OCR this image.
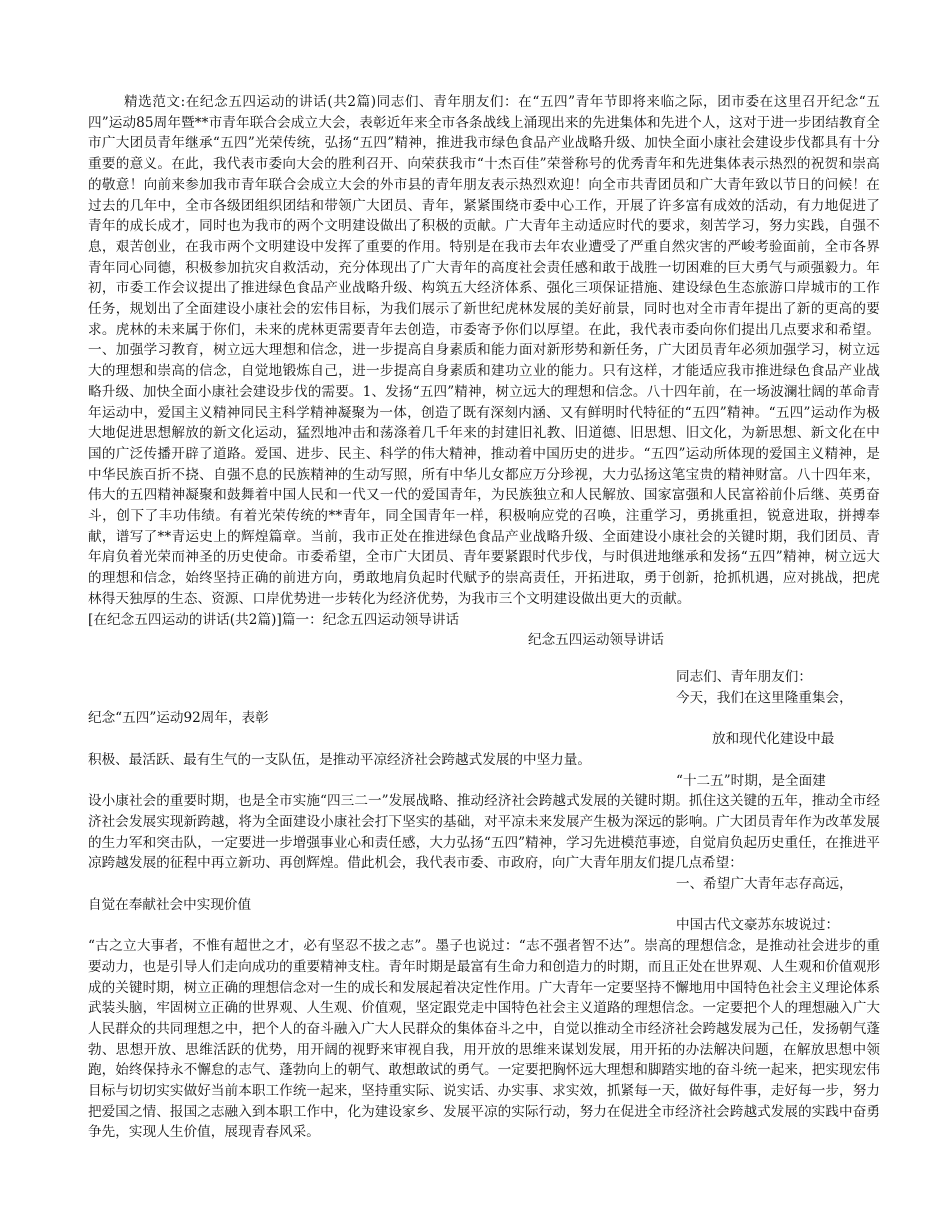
精选范文:在纪念五四运动的讲话(共2篇)同志们、青年朋友们：在“五四”青年节即将来临之际，团市委在这里召开纪念“五四”运动85周年暨**市青年联合会成立大会，表彰近年来全市各条战线上涌现出来的先进集体和先进个人，这对于进一步团结教育全市广大团员青年继承“五四”光荣传统，弘扬“五四”精神，推进我市绿色食品产业战略升级、加快全面小康社会建设步伐都具有十分重要的意义。在此，我代表市委向大会的胜利召开、向荣获我市“十杰百佳”荣誉称号的优秀青年和先进集体表示热烈的祝贺和崇高的敬意！向前来参加我市青年联合会成立大会的外市县的青年朋友表示热烈欢迎！向全市共青团员和广大青年致以节日的问候！在过去的几年中，全市各级团组织团结和带领广大团员、青年，紧紧围绕市委中心工作，开展了许多富有成效的活动，有力地促进了青年的成长成才，同时也为我市的两个文明建设做出了积极的贡献。广大青年主动适应时代的要求，刻苦学习，努力实践，自强不息，艰苦创业，在我市两个文明建设中发挥了重要的作用。特别是在我市去年农业遭受了严重自然灾害的严峻考验面前，全市各界青年同心同德，积极参加抗灾自救活动，充分体现出了广大青年的高度社会责任感和敢于战胜一切困难的巨大勇气与顽强毅力。年初，市委工作会议提出了推进绿色食品产业战略升级、构筑五大经济体系、强化三项保证措施、建设绿色生态旅游口岸城市的工作任务，规划出了全面建设小康社会的宏伟目标，为我们展示了新世纪虎林发展的美好前景，同时也对全市青年提出了新的更高的要求。虎林的未来属于你们，未来的虎林更需要青年去创造，市委寄予你们以厚望。在此，我代表市委向你们提出几点要求和希望。一、加强学习教育，树立远大理想和信念，进一步提高自身素质和能力面对新形势和新任务，广大团员青年必须加强学习，树立远大的理想和崇高的信念，自觉地锻炼自己，进一步提高自身素质和建功立业的能力。只有这样，才能适应我市推进绿色食品产业战略升级、加快全面小康社会建设步伐的需要。1、发扬“五四”精神，树立远大的理想和信念。八十四年前，在一场波澜壮阔的革命青年运动中，爱国主义精神同民主科学精神凝聚为一体，创造了既有深刻内涵、又有鲜明时代特征的“五四”精神。“五四”运动作为极大地促进思想解放的新文化运动，猛烈地冲击和荡涤着几千年来的封建旧礼教、旧道德、旧思想、旧文化，为新思想、新文化在中国的广泛传播开辟了道路。爱国、进步、民主、科学的伟大精神，推动着中国历史的进步。“五四”运动所体现的爱国主义精神，是中华民族百折不挠、自强不息的民族精神的生动写照，所有中华儿女都应万分珍视，大力弘扬这笔宝贵的精神财富。八十四年来，伟大的五四精神凝聚和鼓舞着中国人民和一代又一代的爱国青年，为民族独立和人民解放、国家富强和人民富裕前仆后继、英勇奋斗，创下了丰功伟绩。有着光荣传统的**青年，同全国青年一样，积极响应党的召唤，注重学习，勇挑重担，锐意进取，拼搏奉献，谱写了**青运史上的辉煌篇章。当前，我市正处在推进绿色食品产业战略升级、全面建设小康社会的关键时期，我们团员、青年肩负着光荣而神圣的历史使命。市委希望，全市广大团员、青年要紧跟时代步伐，与时俱进地继承和发扬“五四”精神，树立远大的理想和信念，始终坚持正确的前进方向，勇敢地肩负起时代赋予的崇高责任，开拓进取，勇于创新，抢抓机遇，应对挑战，把虎林得天独厚的生态、资源、口岸优势进一步转化为经济优势，为我市三个文明建设做出更大的贡献。

[在纪念五四运动的讲话(共2篇)]篇一：纪念五四运动领导讲话

纪念五四运动领导讲话

同志们、青年朋友们：

今天，我们在这里隆重集会，

纪念“五四”运动92周年，表彰

放和现代化建设中最

积极、最活跃、最有生气的一支队伍，是推动平凉经济社会跨越式发展的中坚力量。

“十二五”时期，是全面建

设小康社会的重要时期，也是全市实施“四三二一”发展战略、推动经济社会跨越式发展的关键时期。抓住这关键的五年，推动全市经济社会发展实现新跨越，将为全面建设小康社会打下坚实的基础，对平凉未来发展产生极为深远的影响。广大团员青年作为改革发展的生力军和突击队，一定要进一步增强事业心和责任感，大力弘扬“五四”精神，学习先进模范事迹，自觉肩负起历史重任，在推进平凉跨越发展的征程中再立新功、再创辉煌。借此机会，我代表市委、市政府，向广大青年朋友们提几点希望：

一、希望广大青年志存高远，

自觉在奉献社会中实现价值

中国古代文豪苏东坡说过：

“古之立大事者，不惟有超世之才，必有坚忍不拔之志”。墨子也说过：“志不强者智不达”。崇高的理想信念，是推动社会进步的重要动力，也是引导人们走向成功的重要精神支柱。青年时期是最富有生命力和创造力的时期，而且正处在世界观、人生观和价值观形成的关键时期，树立正确的理想信念对一生的成长和发展起着决定性作用。广大青年一定要坚持不懈地用中国特色社会主义理论体系武装头脑，牢固树立正确的世界观、人生观、价值观，坚定跟党走中国特色社会主义道路的理想信念。一定要把个人的理想融入广大人民群众的共同理想之中，把个人的奋斗融入广大人民群众的集体奋斗之中，自觉以推动全市经济社会跨越发展为己任，发扬朝气蓬勃、思想开放、思维活跃的优势，用开阔的视野来审视自我，用开放的思维来谋划发展，用开拓的办法解决问题，在解放思想中领跑，始终保持永不懈怠的志气、蓬勃向上的朝气、敢想敢试的勇气。一定要把胸怀远大理想和脚踏实地的奋斗统一起来，把实现宏伟目标与切切实实做好当前本职工作统一起来，坚持重实际、说实话、办实事、求实效，抓紧每一天，做好每件事，走好每一步，努力把爱国之情、报国之志融入到本职工作中，化为建设家乡、发展平凉的实际行动，努力在促进全市经济社会跨越式发展的实践中奋勇争先，实现人生价值，展现青春风采。
